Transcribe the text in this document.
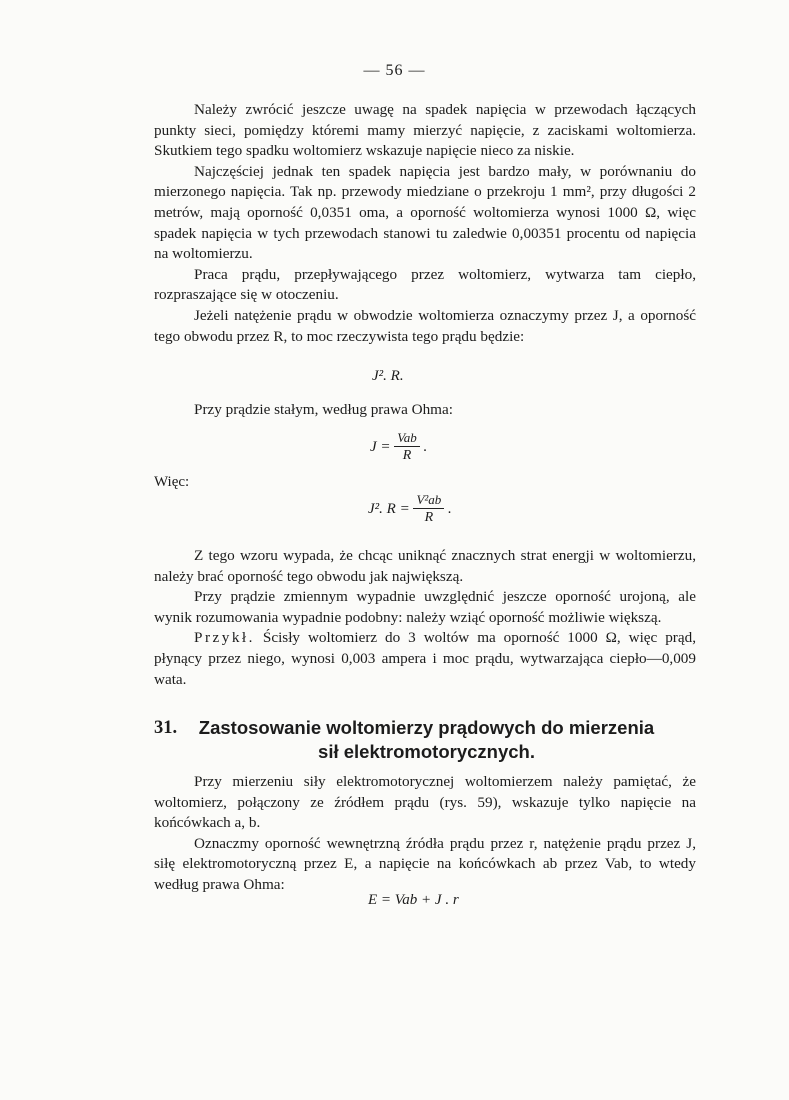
— 56 —

Należy zwrócić jeszcze uwagę na spadek napięcia w przewodach łączących punkty sieci, pomiędzy któremi mamy mierzyć napięcie, z zaciskami woltomierza. Skutkiem tego spadku woltomierz wskazuje napięcie nieco za niskie.

Najczęściej jednak ten spadek napięcia jest bardzo mały, w porównaniu do mierzonego napięcia. Tak np. przewody miedziane o przekroju 1 mm², przy długości 2 metrów, mają oporność 0,0351 oma, a oporność woltomierza wynosi 1000 Ω, więc spadek napięcia w tych przewodach stanowi tu zaledwie 0,00351 procentu od napięcia na woltomierzu.

Praca prądu, przepływającego przez woltomierz, wytwarza tam ciepło, rozpraszające się w otoczeniu.

Jeżeli natężenie prądu w obwodzie woltomierza oznaczymy przez J, a oporność tego obwodu przez R, to moc rzeczywista tego prądu będzie:

J². R.

Przy prądzie stałym, według prawa Ohma:

$J = \frac{\text{Vab}}{R}$ .
Więc:
J². $R = \frac{\text{V²ab}}{R}$ .

Z tego wzoru wypada, że chcąc uniknąć znacznych strat energji w woltomierzu, należy brać oporność tego obwodu jak największą.

Przy prądzie zmiennym wypadnie uwzględnić jeszcze oporność urojoną, ale wynik rozumowania wypadnie podobny: należy wziąć oporność możliwie większą.

Przykł. Ścisły woltomierz do 3 woltów ma oporność 1000 Ω, więc prąd, płynący przez niego, wynosi 0,003 ampera i moc prądu, wytwarzająca ciepło—0,009 wata.

31.	Zastosowanie woltomierzy prądowych do mierzenia
sił elektromotorycznych.

Przy mierzeniu siły elektromotorycznej woltomierzem należy pamiętać, że woltomierz, połączony ze źródłem prądu (rys. 59), wskazuje tylko napięcie na końcówkach a, b.

Oznaczmy oporność wewnętrzną źródła prądu przez r, natężenie prądu przez J, siłę elektromotoryczną przez E, a napięcie na końcówkach ab przez Vab, to wtedy według prawa Ohma:

E = Vab + J . r
